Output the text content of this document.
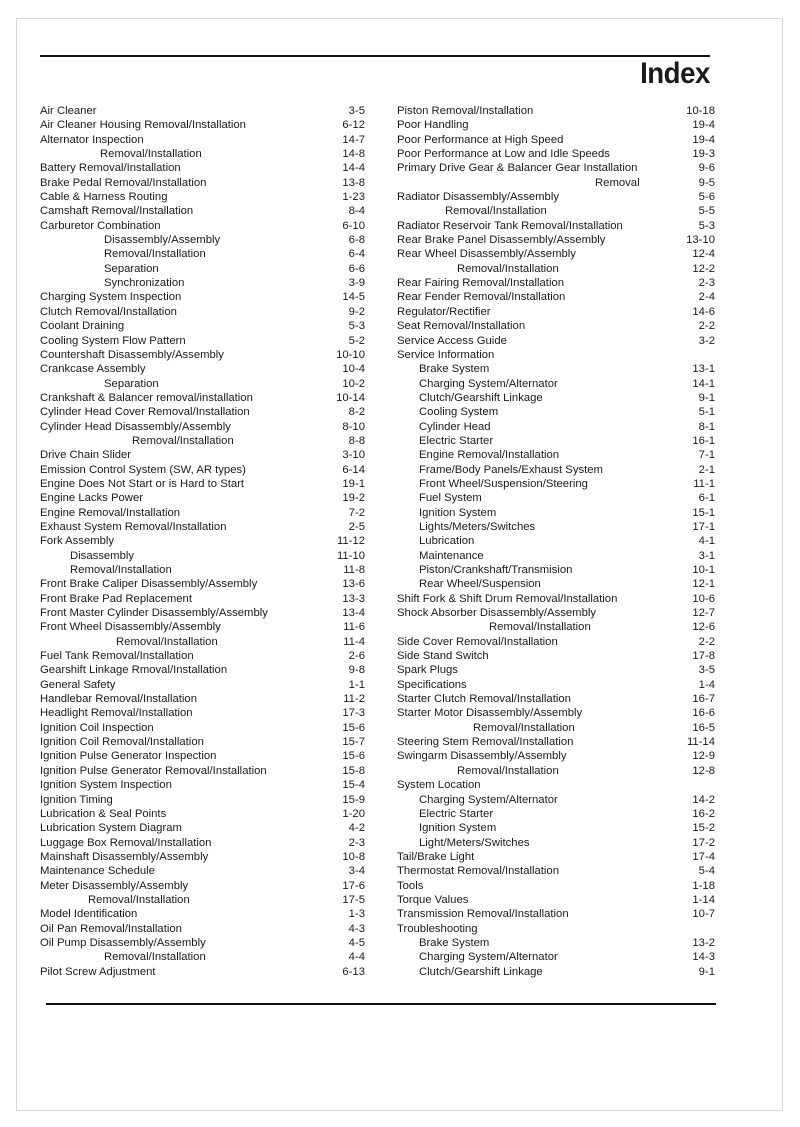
Index
Air Cleaner	3-5
Air Cleaner Housing Removal/Installation	6-12
Alternator Inspection	14-7
Removal/Installation	14-8
Battery Removal/Installation	14-4
Brake Pedal Removal/Installation	13-8
Cable & Harness Routing	1-23
Camshaft Removal/Installation	8-4
Carburetor Combination	6-10
Disassembly/Assembly	6-8
Removal/Installation	6-4
Separation	6-6
Synchronization	3-9
Charging System Inspection	14-5
Clutch Removal/Installation	9-2
Coolant Draining	5-3
Cooling System Flow Pattern	5-2
Countershaft Disassembly/Assembly	10-10
Crankcase Assembly	10-4
Separation	10-2
Crankshaft & Balancer removal/installation	10-14
Cylinder Head Cover Removal/Installation	8-2
Cylinder Head Disassembly/Assembly	8-10
Removal/Installation	8-8
Drive Chain Slider	3-10
Emission Control System (SW, AR types)	6-14
Engine Does Not Start or is Hard to Start	19-1
Engine Lacks Power	19-2
Engine Removal/Installation	7-2
Exhaust System Removal/Installation	2-5
Fork Assembly	11-12
Disassembly	11-10
Removal/Installation	11-8
Front Brake Caliper Disassembly/Assembly	13-6
Front Brake Pad Replacement	13-3
Front Master Cylinder Disassembly/Assembly	13-4
Front Wheel Disassembly/Assembly	11-6
Removal/Installation	11-4
Fuel Tank Removal/Installation	2-6
Gearshift Linkage Rmoval/Installation	9-8
General Safety	1-1
Handlebar Removal/Installation	11-2
Headlight Removal/Installation	17-3
Ignition Coil Inspection	15-6
Ignition Coil Removal/Installation	15-7
Ignition Pulse Generator Inspection	15-6
Ignition Pulse Generator Removal/Installation	15-8
Ignition System Inspection	15-4
Ignition Timing	15-9
Lubrication & Seal Points	1-20
Lubrication System Diagram	4-2
Luggage Box Removal/Installation	2-3
Mainshaft Disassembly/Assembly	10-8
Maintenance Schedule	3-4
Meter Disassembly/Assembly	17-6
Removal/Installation	17-5
Model Identification	1-3
Oil Pan Removal/Installation	4-3
Oil Pump Disassembly/Assembly	4-5
Removal/Installation	4-4
Pilot Screw Adjustment	6-13
Piston Removal/Installation	10-18
Poor Handling	19-4
Poor Performance at High Speed	19-4
Poor Performance at Low and Idle Speeds	19-3
Primary Drive Gear & Balancer Gear Installation	9-6
Removal	9-5
Radiator Disassembly/Assembly	5-6
Removal/Installation	5-5
Radiator Reservoir Tank Removal/Installation	5-3
Rear Brake Panel Disassembly/Assembly	13-10
Rear Wheel Disassembly/Assembly	12-4
Removal/Installation	12-2
Rear Fairing Removal/Installation	2-3
Rear Fender Removal/Installation	2-4
Regulator/Rectifier	14-6
Seat Removal/Installation	2-2
Service Access Guide	3-2
Service Information
Brake System	13-1
Charging System/Alternator	14-1
Clutch/Gearshift Linkage	9-1
Cooling System	5-1
Cylinder Head	8-1
Electric Starter	16-1
Engine Removal/Installation	7-1
Frame/Body Panels/Exhaust System	2-1
Front Wheel/Suspension/Steering	11-1
Fuel System	6-1
Ignition System	15-1
Lights/Meters/Switches	17-1
Lubrication	4-1
Maintenance	3-1
Piston/Crankshaft/Transmision	10-1
Rear Wheel/Suspension	12-1
Shift Fork & Shift Drum Removal/Installation	10-6
Shock Absorber Disassembly/Assembly	12-7
Removal/Installation	12-6
Side Cover Removal/Installation	2-2
Side Stand Switch	17-8
Spark Plugs	3-5
Specifications	1-4
Starter Clutch Removal/Installation	16-7
Starter Motor Disassembly/Assembly	16-6
Removal/Installation	16-5
Steering Stem Removal/Installation	11-14
Swingarm Disassembly/Assembly	12-9
Removal/Installation	12-8
System Location
Charging System/Alternator	14-2
Electric Starter	16-2
Ignition System	15-2
Light/Meters/Switches	17-2
Tail/Brake Light	17-4
Thermostat Removal/Installation	5-4
Tools	1-18
Torque Values	1-14
Transmission Removal/Installation	10-7
Troubleshooting
Brake System	13-2
Charging System/Alternator	14-3
Clutch/Gearshift Linkage	9-1
